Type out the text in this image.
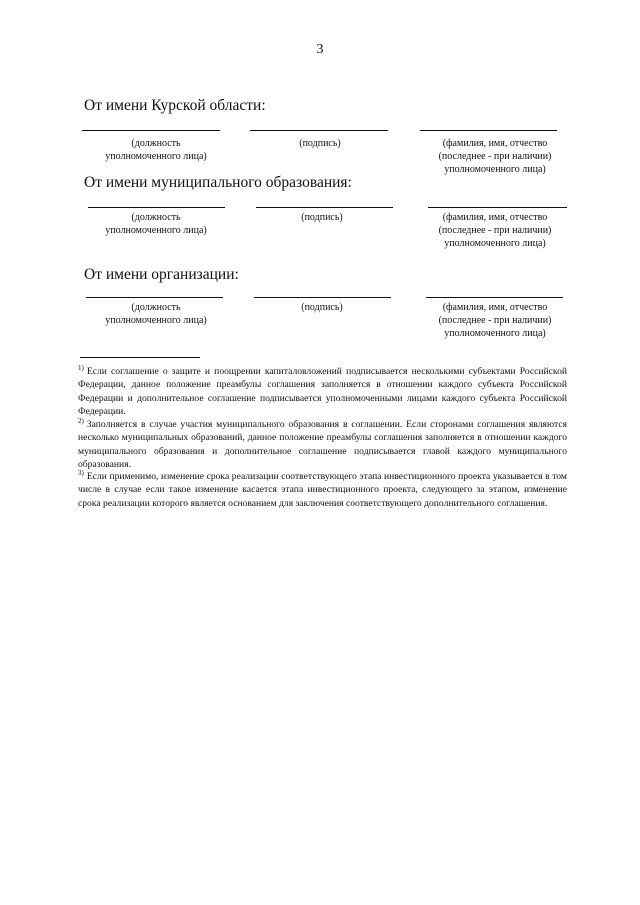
3
От имени Курской области:
(должность
уполномоченного лица)
(подпись)	(фамилия, имя, отчество
(последнее - при наличии)
уполномоченного лица)
От имени муниципального образования:
(должность
уполномоченного лица)
(подпись)	(фамилия, имя, отчество
(последнее - при наличии)
уполномоченного лица)
От имени организации:
(должность
уполномоченного лица)
(подпись)	(фамилия, имя, отчество
(последнее - при наличии)
уполномоченного лица)
$^{1)}$ Если соглашение о защите и поощрении капиталовложений подписывается несколькими субъектами Российской Федерации, данное положение преамбулы соглашения заполняется в отношении каждого субъекта Российской Федерации и дополнительное соглашение подписывается уполномоченными лицами каждого субъекта Российской Федерации.
$^{2)}$ Заполняется в случае участия муниципального образования в соглашении. Если сторонами соглашения являются несколько муниципальных образований, данное положение преамбулы соглашения заполняется в отношении каждого муниципального образования и дополнительное соглашение подписывается главой каждого муниципального образования.
$^{3)}$ Если применимо, изменение срока реализации соответствующего этапа инвестиционного проекта указывается в том числе в случае если такое изменение касается этапа инвестиционного проекта, следующего за этапом, изменение срока реализации которого является основанием для заключения соответствующего дополнительного соглашения.
